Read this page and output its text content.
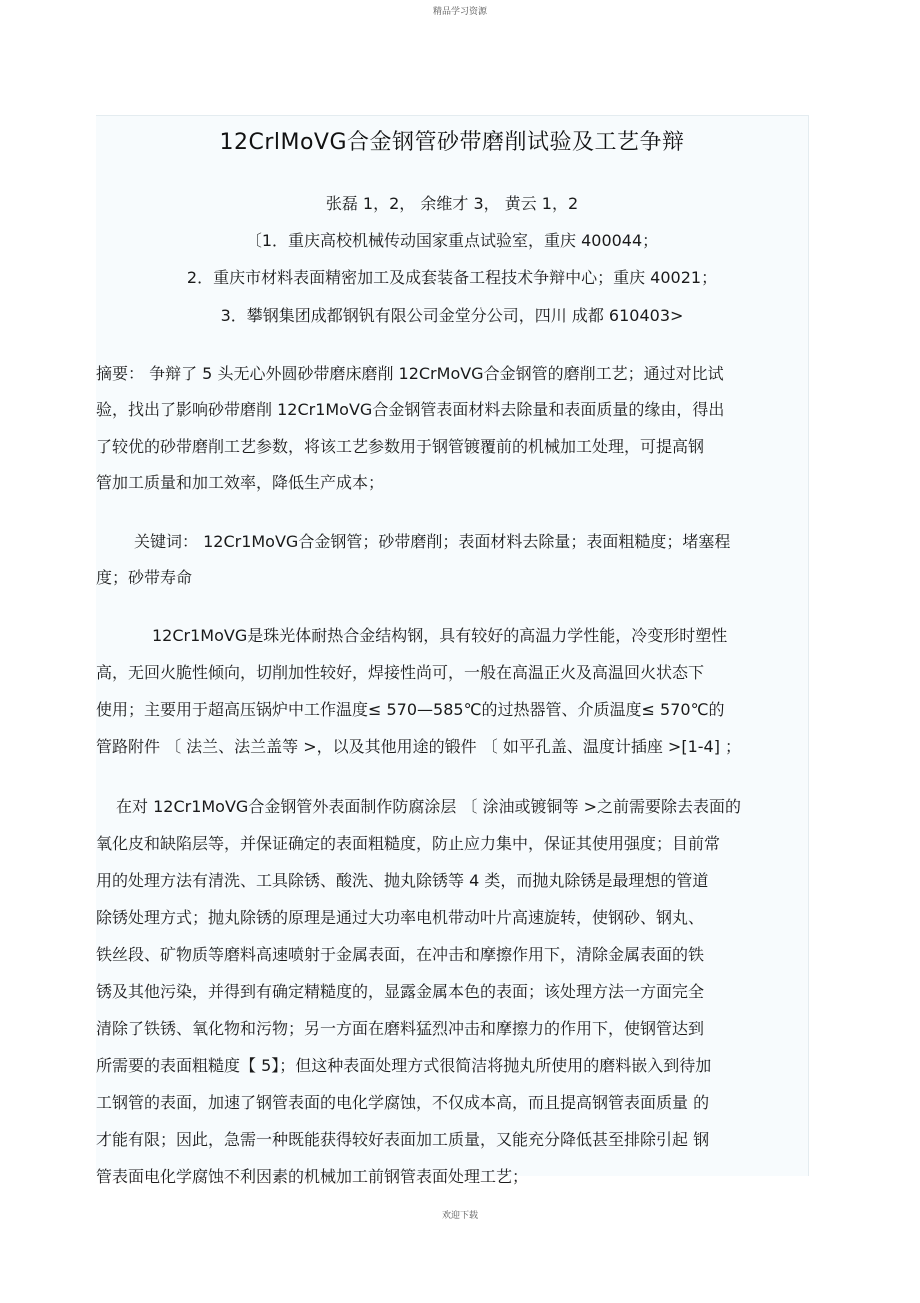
精品学习资源
12CrlMoVG合金钢管砂带磨削试验及工艺争辩
张磊 1，2， 余维才 3， 黄云 1，2
〔1．重庆高校机械传动国家重点试验室，重庆 400044；
2．重庆市材料表面精密加工及成套装备工程技术争辩中心；重庆 40021；
3．攀钢集团成都钢钒有限公司金堂分公司，四川 成都 610403>
摘要： 争辩了 5 头无心外圆砂带磨床磨削 12CrMoVG合金钢管的磨削工艺；通过对比试
验，找出了影响砂带磨削 12Cr1MoVG合金钢管表面材料去除量和表面质量的缘由，得出
了较优的砂带磨削工艺参数，将该工艺参数用于钢管镀覆前的机械加工处理，可提高钢
管加工质量和加工效率，降低生产成本；
关键词： 12Cr1MoVG合金钢管；砂带磨削；表面材料去除量；表面粗糙度；堵塞程
度；砂带寿命
12Cr1MoVG是珠光体耐热合金结构钢，具有较好的高温力学性能，冷变形时塑性
高，无回火脆性倾向，切削加性较好，焊接性尚可，一般在高温正火及高温回火状态下
使用；主要用于超高压锅炉中工作温度≤ 570—585℃的过热器管、介质温度≤ 570℃的
管路附件 〔 法兰、法兰盖等 >，以及其他用途的锻件 〔 如平孔盖、温度计插座 >[1-4] ；
在对 12Cr1MoVG合金钢管外表面制作防腐涂层 〔 涂油或镀铜等 >之前需要除去表面的
氧化皮和缺陷层等，并保证确定的表面粗糙度，防止应力集中，保证其使用强度；目前常
用的处理方法有清洗、工具除锈、酸洗、抛丸除锈等 4 类，而抛丸除锈是最理想的管道
除锈处理方式；抛丸除锈的原理是通过大功率电机带动叶片高速旋转，使钢砂、钢丸、
铁丝段、矿物质等磨料高速喷射于金属表面，在冲击和摩擦作用下，清除金属表面的铁
锈及其他污染，并得到有确定精糙度的，显露金属本色的表面；该处理方法一方面完全
清除了铁锈、氧化物和污物；另一方面在磨料猛烈冲击和摩擦力的作用下，使钢管达到
所需要的表面粗糙度【 5】；但这种表面处理方式很简洁将抛丸所使用的磨料嵌入到待加
工钢管的表面，加速了钢管表面的电化学腐蚀，不仅成本高，而且提高钢管表面质量 的
才能有限；因此，急需一种既能获得较好表面加工质量，又能充分降低甚至排除引起 钢
管表面电化学腐蚀不利因素的机械加工前钢管表面处理工艺；
欢迎下载
